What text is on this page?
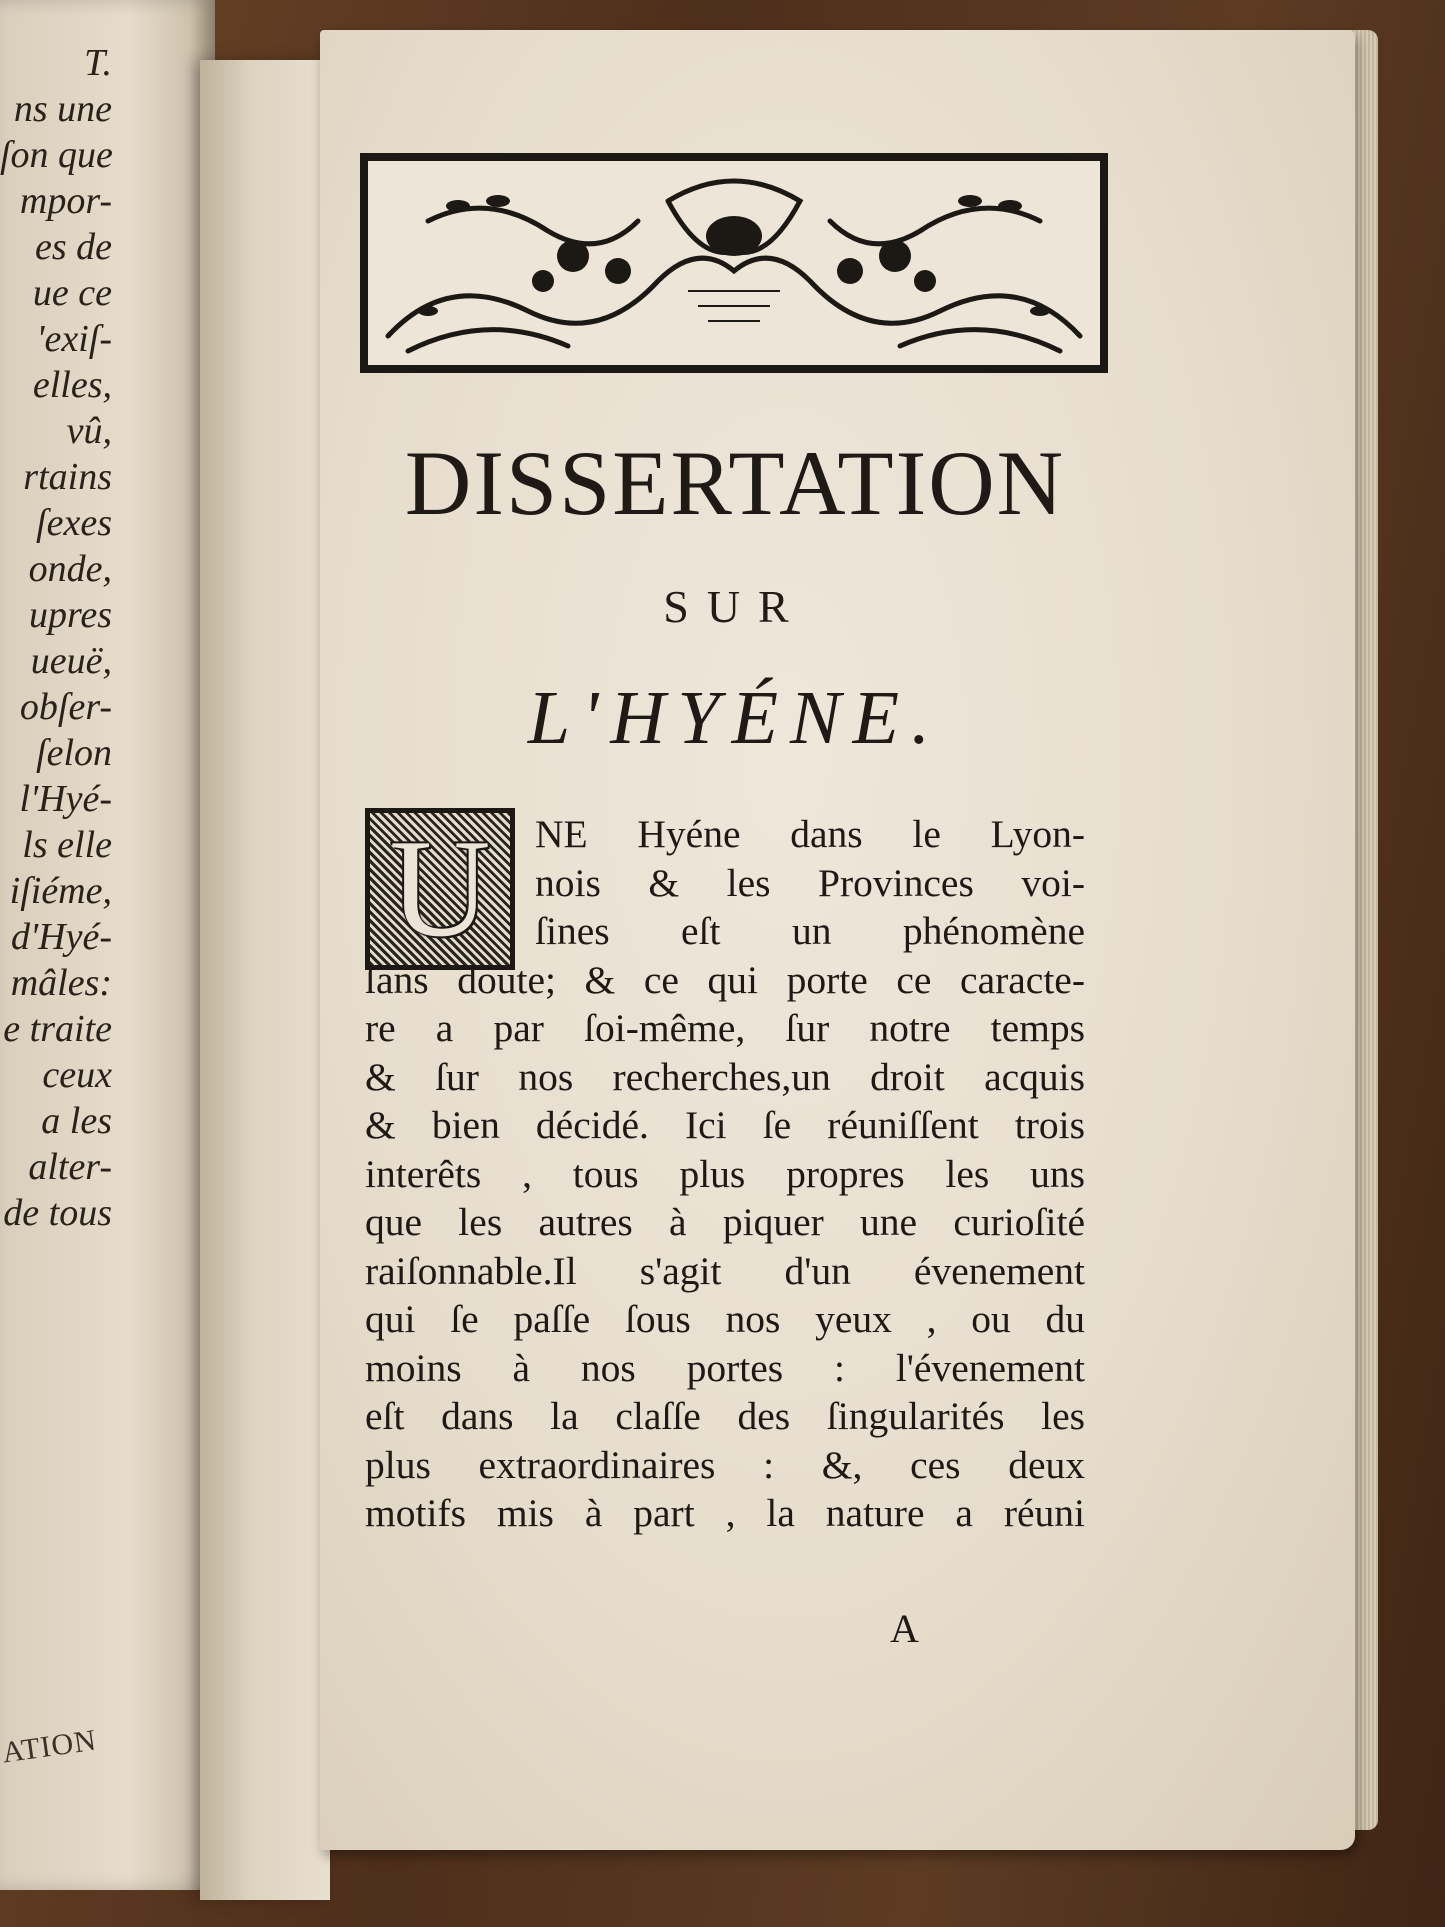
T.
ns une
ſon que
mpor-
es de
ue ce
'exiſ-
elles,
vû,
rtains
ſexes
onde,
upres
ueuë,
obſer-
ſelon
l'Hyé-
ls elle
iſiéme,
d'Hyé-
mâles:
e traite
ceux
a les
alter-
de tous
ATION
DISSERTATION
SUR
L'HYÉNE.
U	NE Hyéne dans le Lyon-
nois & les Provinces voi-
ſines eſt un phénomène
ſans doute; & ce qui porte ce caracte-
re a par ſoi-même, ſur notre temps
& ſur nos recherches,un droit acquis
& bien décidé. Ici ſe réuniſſent trois
interêts , tous plus propres les uns
que les autres à piquer une curioſité
raiſonnable.Il s'agit d'un évenement
qui ſe paſſe ſous nos yeux , ou du
moins à nos portes : l'évenement
eſt dans la claſſe des ſingularités les
plus extraordinaires : &, ces deux
motifs mis à part , la nature a réuni
A
